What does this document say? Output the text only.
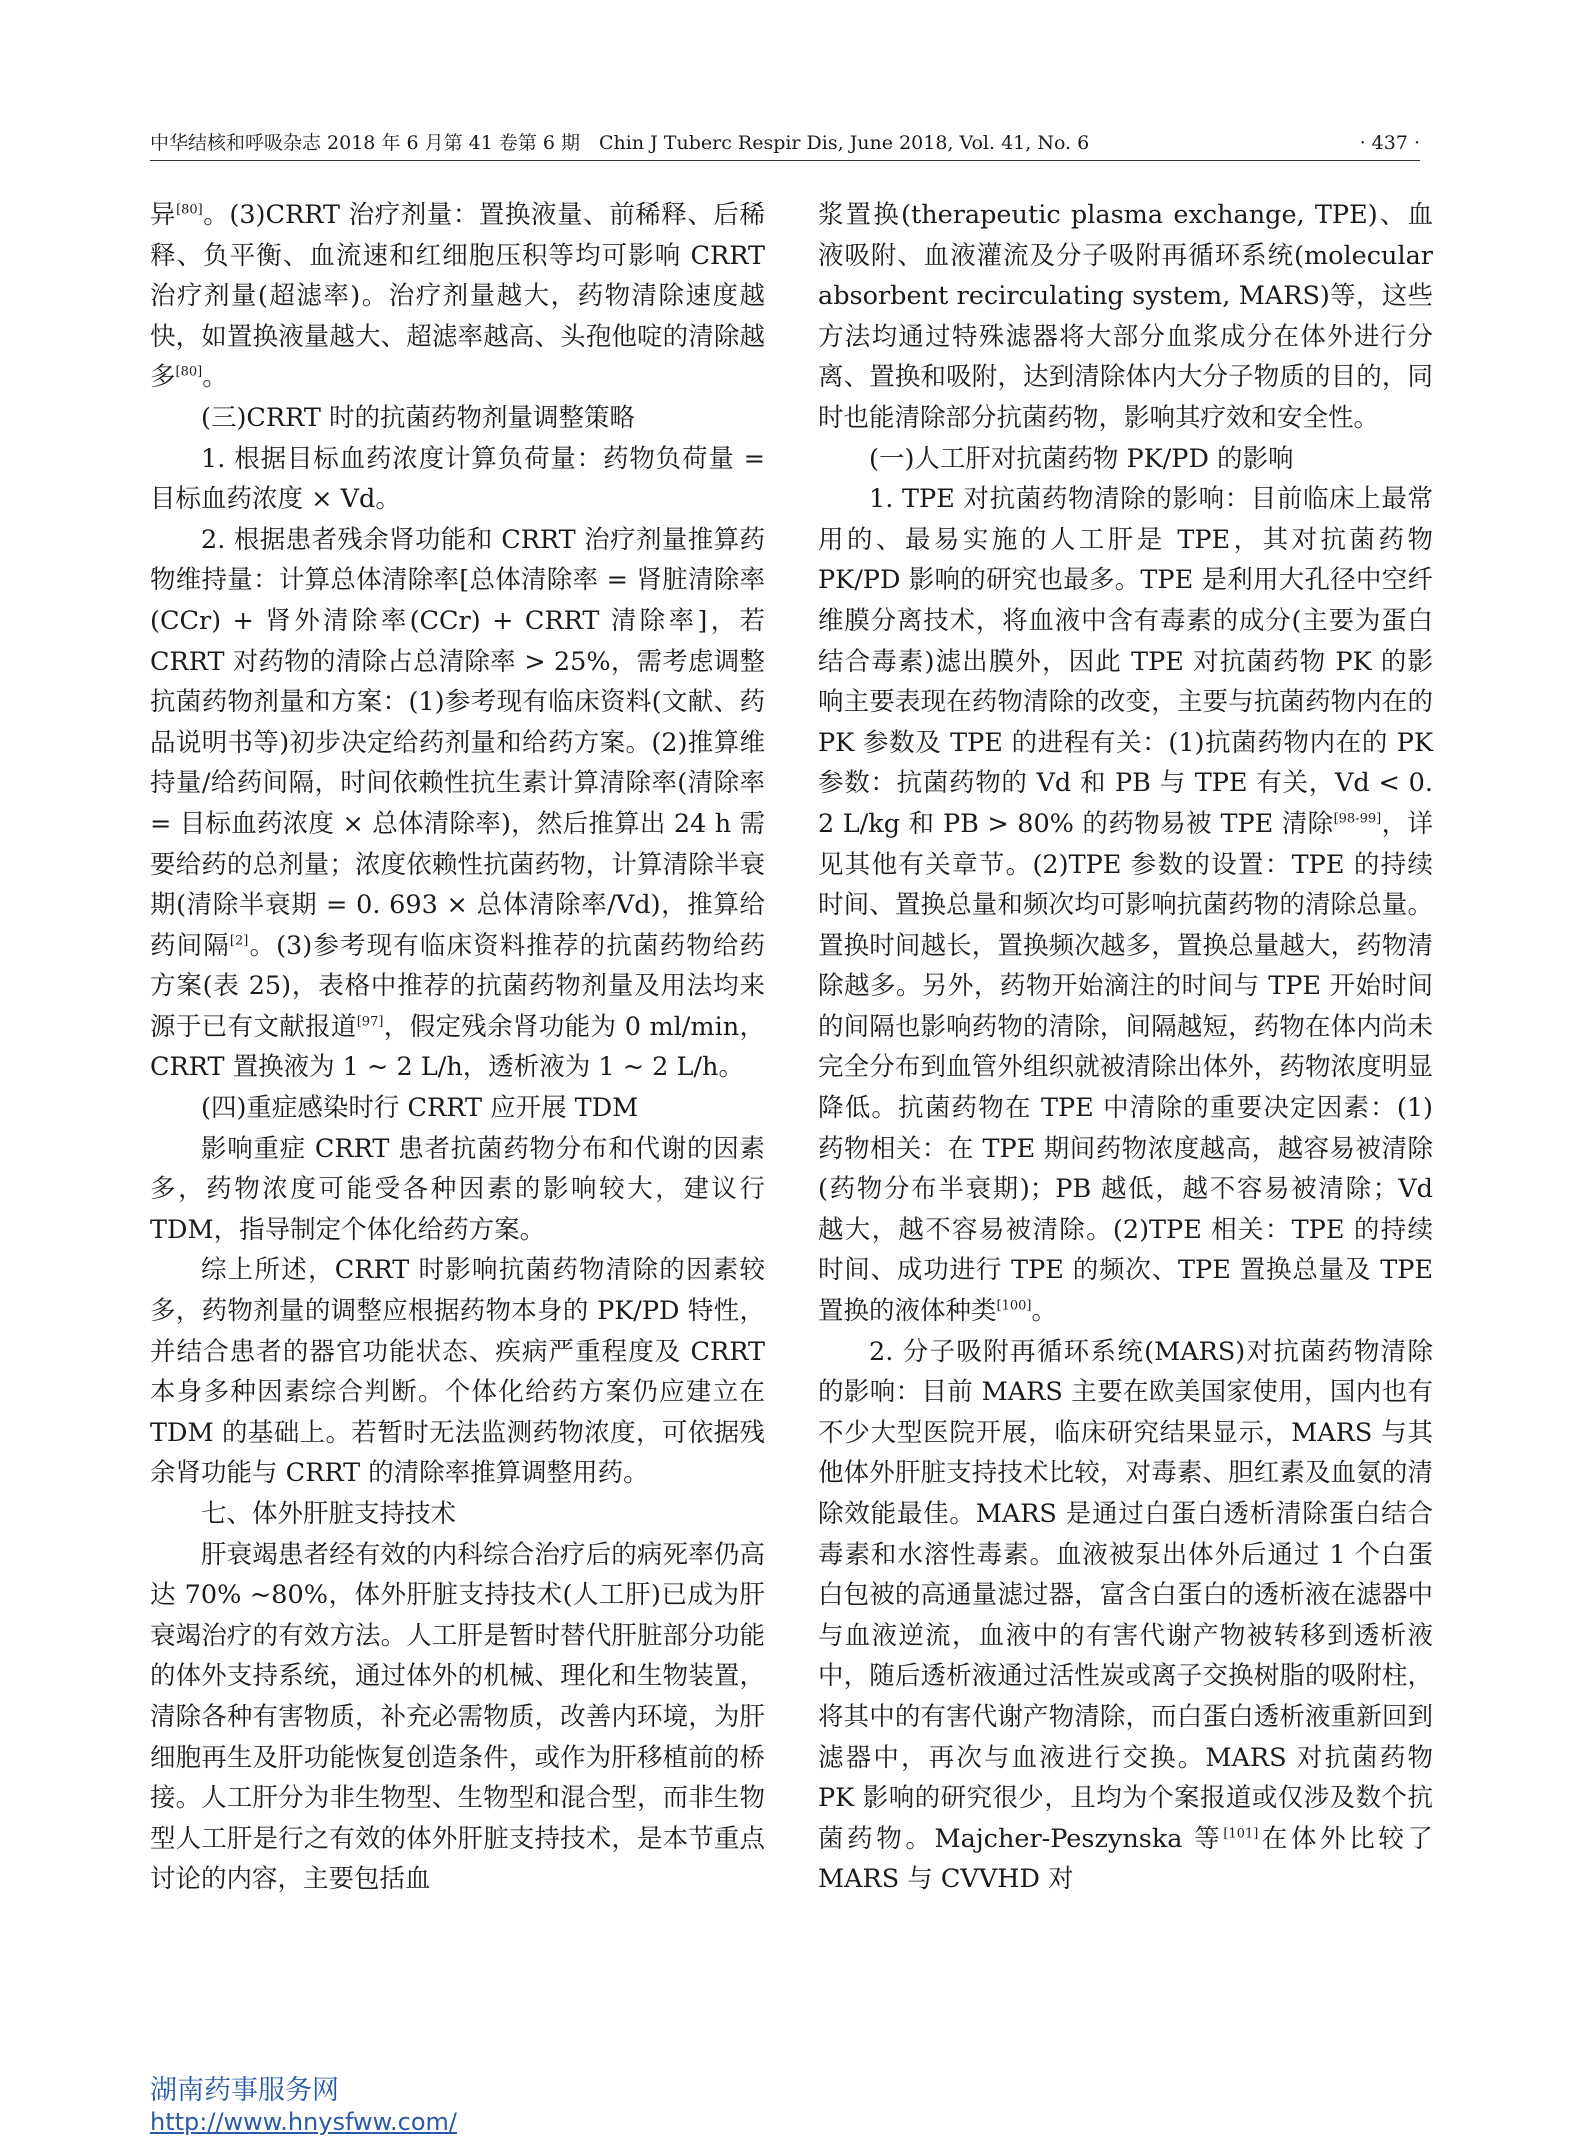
中华结核和呼吸杂志 2018 年 6 月第 41 卷第 6 期　Chin J Tuberc Respir Dis, June 2018, Vol. 41, No. 6	· 437 ·

异[80]。(3)CRRT 治疗剂量：置换液量、前稀释、后稀释、负平衡、血流速和红细胞压积等均可影响 CRRT 治疗剂量(超滤率)。治疗剂量越大，药物清除速度越快，如置换液量越大、超滤率越高、头孢他啶的清除越多[80]。

(三)CRRT 时的抗菌药物剂量调整策略

1. 根据目标血药浓度计算负荷量：药物负荷量 = 目标血药浓度 × Vd。

2. 根据患者残余肾功能和 CRRT 治疗剂量推算药物维持量：计算总体清除率[总体清除率 = 肾脏清除率(CCr) + 肾外清除率(CCr) + CRRT 清除率]，若 CRRT 对药物的清除占总清除率 > 25%，需考虑调整抗菌药物剂量和方案：(1)参考现有临床资料(文献、药品说明书等)初步决定给药剂量和给药方案。(2)推算维持量/给药间隔，时间依赖性抗生素计算清除率(清除率 = 目标血药浓度 × 总体清除率)，然后推算出 24 h 需要给药的总剂量；浓度依赖性抗菌药物，计算清除半衰期(清除半衰期 = 0. 693 × 总体清除率/Vd)，推算给药间隔[2]。(3)参考现有临床资料推荐的抗菌药物给药方案(表 25)，表格中推荐的抗菌药物剂量及用法均来源于已有文献报道[97]，假定残余肾功能为 0 ml/min，CRRT 置换液为 1 ~ 2 L/h，透析液为 1 ~ 2 L/h。

(四)重症感染时行 CRRT 应开展 TDM

影响重症 CRRT 患者抗菌药物分布和代谢的因素多，药物浓度可能受各种因素的影响较大，建议行 TDM，指导制定个体化给药方案。

综上所述，CRRT 时影响抗菌药物清除的因素较多，药物剂量的调整应根据药物本身的 PK/PD 特性，并结合患者的器官功能状态、疾病严重程度及 CRRT 本身多种因素综合判断。个体化给药方案仍应建立在 TDM 的基础上。若暂时无法监测药物浓度，可依据残余肾功能与 CRRT 的清除率推算调整用药。

七、体外肝脏支持技术

肝衰竭患者经有效的内科综合治疗后的病死率仍高达 70% ~80%，体外肝脏支持技术(人工肝)已成为肝衰竭治疗的有效方法。人工肝是暂时替代肝脏部分功能的体外支持系统，通过体外的机械、理化和生物装置，清除各种有害物质，补充必需物质，改善内环境，为肝细胞再生及肝功能恢复创造条件，或作为肝移植前的桥接。人工肝分为非生物型、生物型和混合型，而非生物型人工肝是行之有效的体外肝脏支持技术，是本节重点讨论的内容，主要包括血

浆置换(therapeutic plasma exchange, TPE)、血液吸附、血液灌流及分子吸附再循环系统(molecular absorbent recirculating system, MARS)等，这些方法均通过特殊滤器将大部分血浆成分在体外进行分离、置换和吸附，达到清除体内大分子物质的目的，同时也能清除部分抗菌药物，影响其疗效和安全性。

(一)人工肝对抗菌药物 PK/PD 的影响

1. TPE 对抗菌药物清除的影响：目前临床上最常用的、最易实施的人工肝是 TPE，其对抗菌药物 PK/PD 影响的研究也最多。TPE 是利用大孔径中空纤维膜分离技术，将血液中含有毒素的成分(主要为蛋白结合毒素)滤出膜外，因此 TPE 对抗菌药物 PK 的影响主要表现在药物清除的改变，主要与抗菌药物内在的 PK 参数及 TPE 的进程有关：(1)抗菌药物内在的 PK 参数：抗菌药物的 Vd 和 PB 与 TPE 有关，Vd < 0. 2 L/kg 和 PB > 80% 的药物易被 TPE 清除[98-99]，详见其他有关章节。(2)TPE 参数的设置：TPE 的持续时间、置换总量和频次均可影响抗菌药物的清除总量。置换时间越长，置换频次越多，置换总量越大，药物清除越多。另外，药物开始滴注的时间与 TPE 开始时间的间隔也影响药物的清除，间隔越短，药物在体内尚未完全分布到血管外组织就被清除出体外，药物浓度明显降低。抗菌药物在 TPE 中清除的重要决定因素：(1)药物相关：在 TPE 期间药物浓度越高，越容易被清除(药物分布半衰期)；PB 越低，越不容易被清除；Vd 越大，越不容易被清除。(2)TPE 相关：TPE 的持续时间、成功进行 TPE 的频次、TPE 置换总量及 TPE 置换的液体种类[100]。

2. 分子吸附再循环系统(MARS)对抗菌药物清除的影响：目前 MARS 主要在欧美国家使用，国内也有不少大型医院开展，临床研究结果显示，MARS 与其他体外肝脏支持技术比较，对毒素、胆红素及血氨的清除效能最佳。MARS 是通过白蛋白透析清除蛋白结合毒素和水溶性毒素。血液被泵出体外后通过 1 个白蛋白包被的高通量滤过器，富含白蛋白的透析液在滤器中与血液逆流，血液中的有害代谢产物被转移到透析液中，随后透析液通过活性炭或离子交换树脂的吸附柱，将其中的有害代谢产物清除，而白蛋白透析液重新回到滤器中，再次与血液进行交换。MARS 对抗菌药物 PK 影响的研究很少，且均为个案报道或仅涉及数个抗菌药物。Majcher-Peszynska 等[101]在体外比较了 MARS 与 CVVHD 对

湖南药事服务网
http://www.hnysfww.com/
